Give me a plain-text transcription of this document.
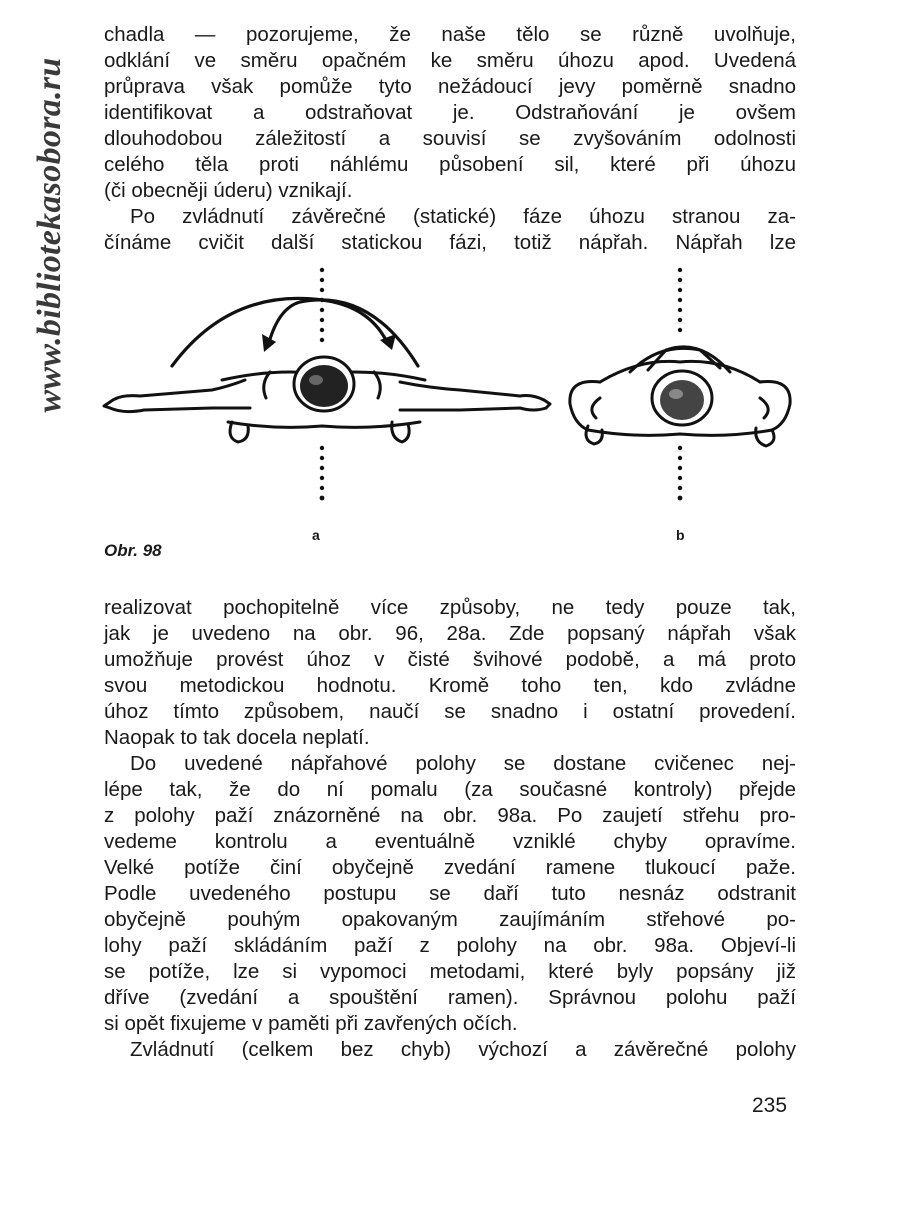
www.bibliotekasobora.ru
chadla — pozorujeme, že naše tělo se různě uvolňuje,
odklání ve směru opačném ke směru úhozu apod. Uvedená
průprava však pomůže tyto nežádoucí jevy poměrně snadno
identifikovat a odstraňovat je. Odstraňování je ovšem
dlouhodobou záležitostí a souvisí se zvyšováním odolnosti
celého těla proti náhlému působení sil, které při úhozu
(či obecněji úderu) vznikají.
Po zvládnutí závěrečné (statické) fáze úhozu stranou za-
čínáme cvičit další statickou fázi, totiž nápřah. Nápřah lze
a	b
Obr. 98
realizovat pochopitelně více způsoby, ne tedy pouze tak,
jak je uvedeno na obr. 96, 28a. Zde popsaný nápřah však
umožňuje provést úhoz v čisté švihové podobě, a má proto
svou metodickou hodnotu. Kromě toho ten, kdo zvládne
úhoz tímto způsobem, naučí se snadno i ostatní provedení.
Naopak to tak docela neplatí.
Do uvedené nápřahové polohy se dostane cvičenec nej-
lépe tak, že do ní pomalu (za současné kontroly) přejde
z polohy paží znázorněné na obr. 98a. Po zaujetí střehu pro-
vedeme kontrolu a eventuálně vzniklé chyby opravíme.
Velké potíže činí obyčejně zvedání ramene tlukoucí paže.
Podle uvedeného postupu se daří tuto nesnáz odstranit
obyčejně pouhým opakovaným zaujímáním střehové po-
lohy paží skládáním paží z polohy na obr. 98a. Objeví-li
se potíže, lze si vypomoci metodami, které byly popsány již
dříve (zvedání a spouštění ramen). Správnou polohu paží
si opět fixujeme v paměti při zavřených očích.
Zvládnutí (celkem bez chyb) výchozí a závěrečné polohy
235
